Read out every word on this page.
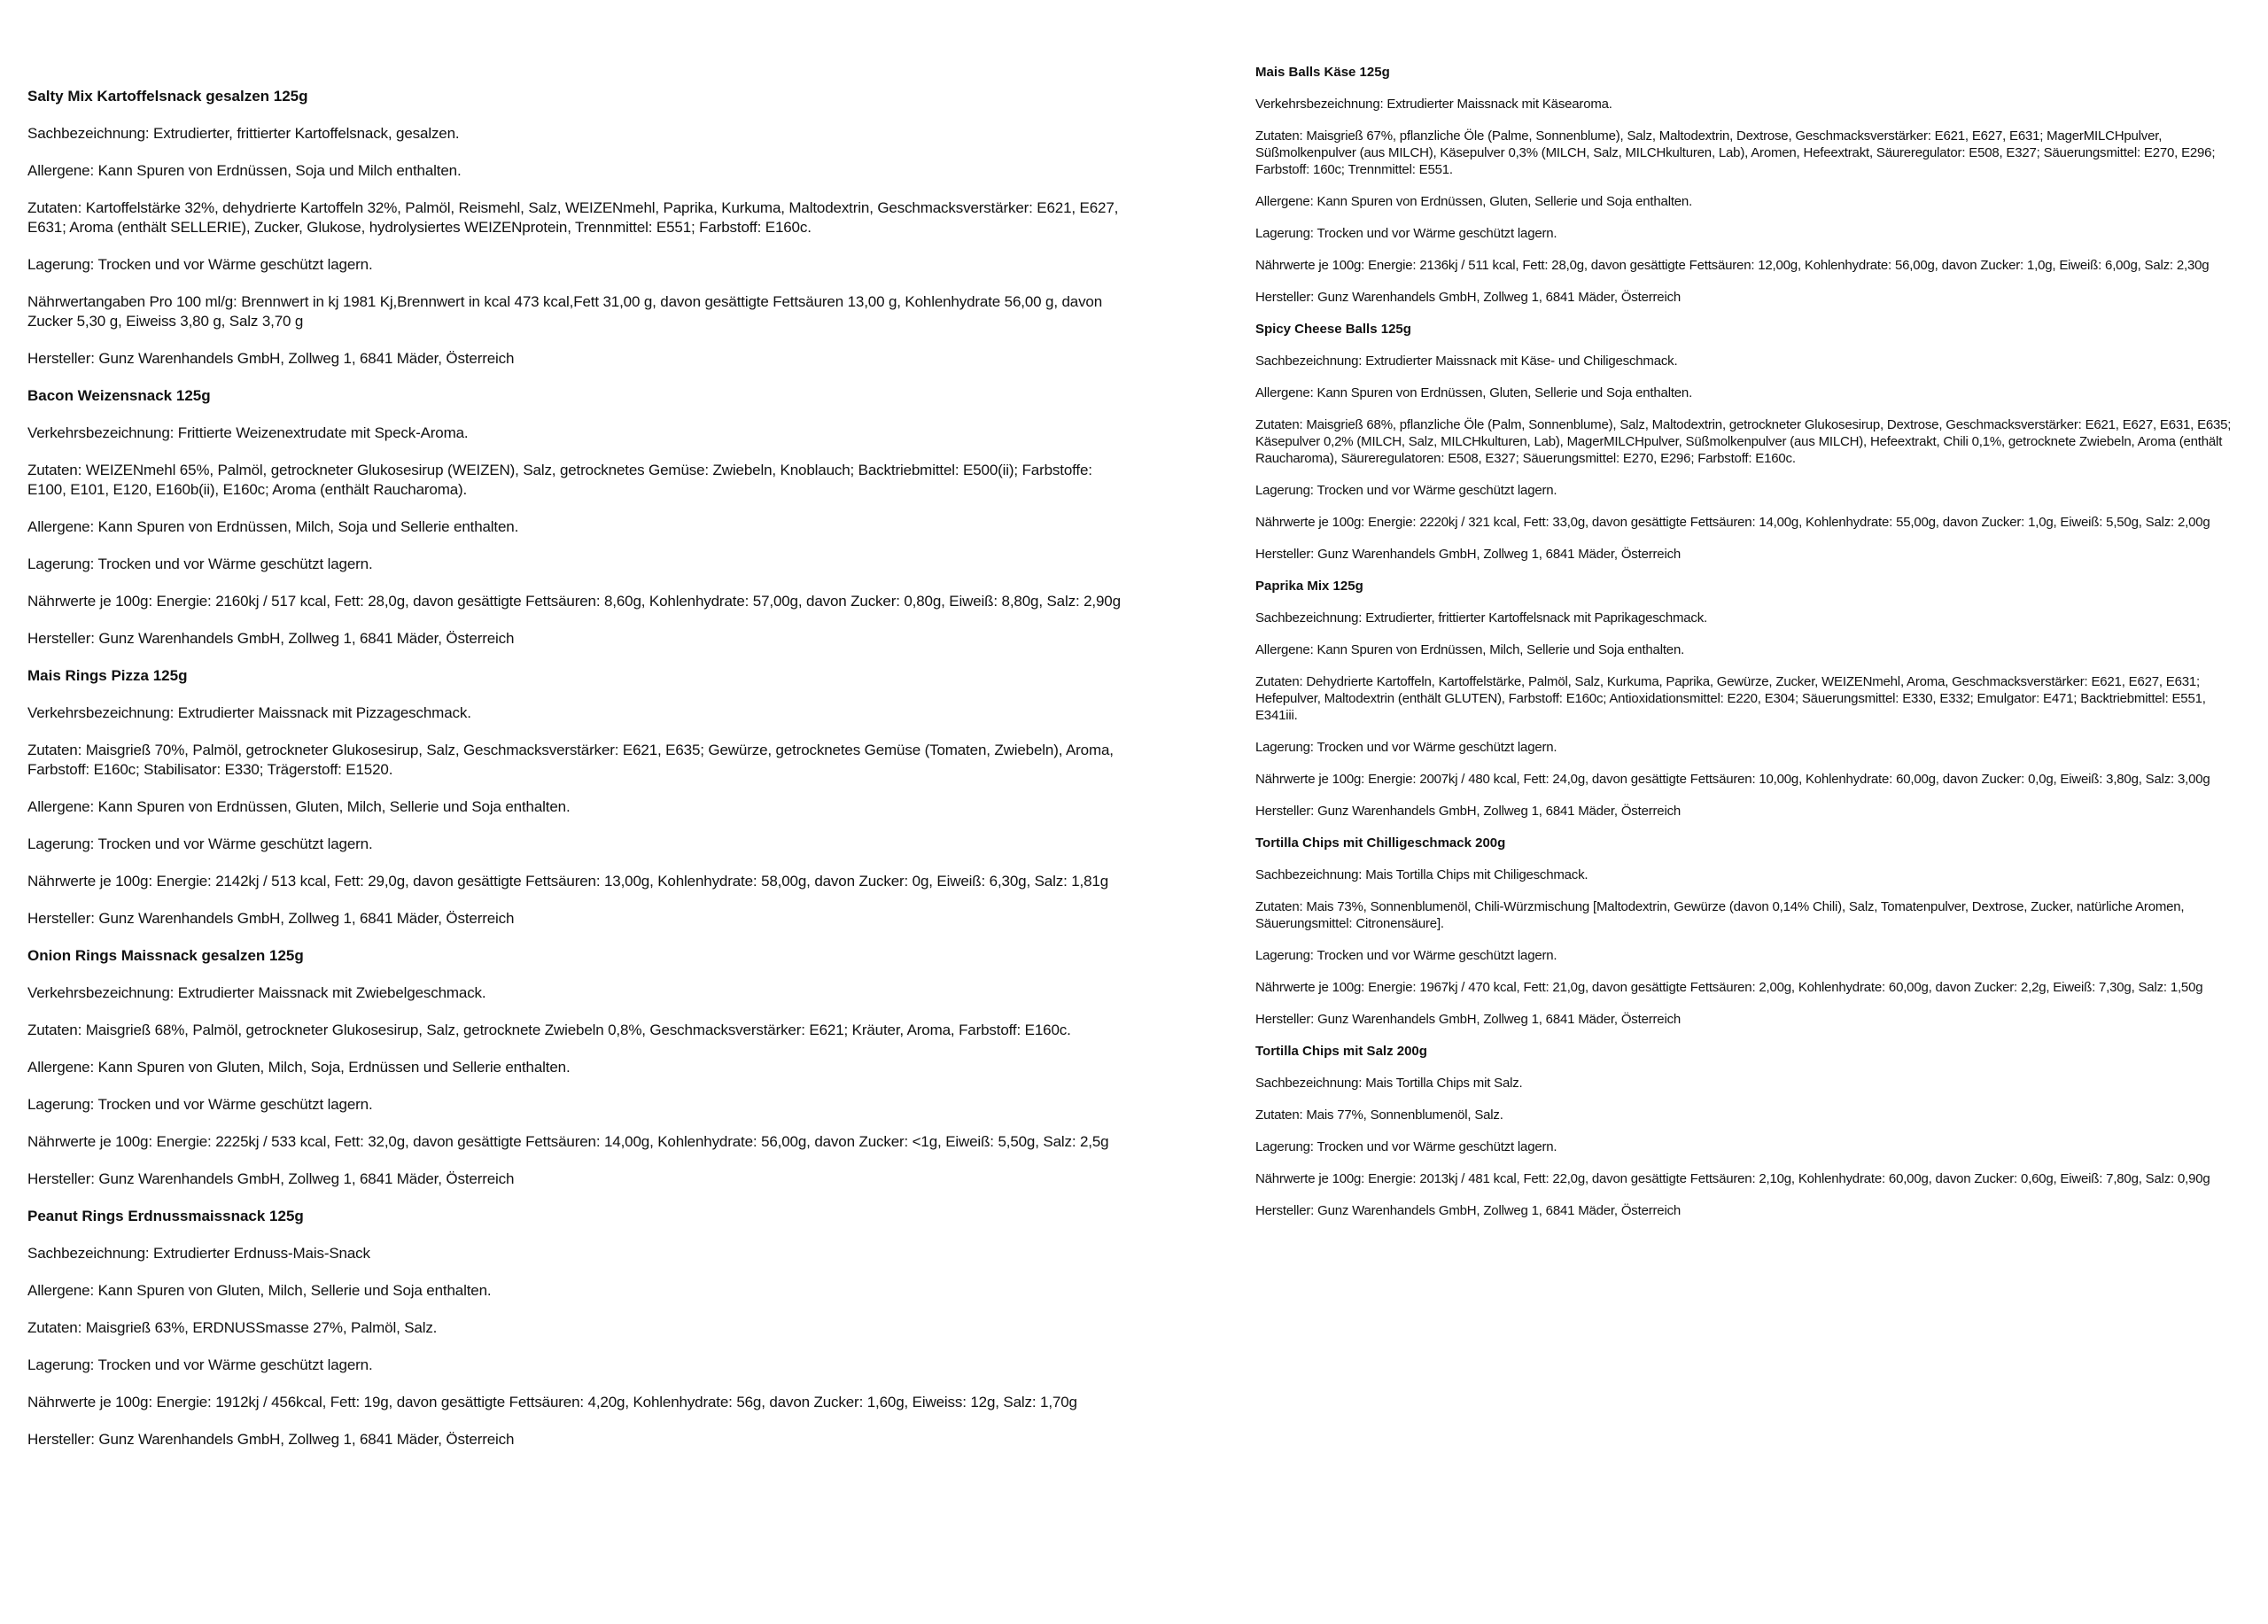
Salty Mix Kartoffelsnack gesalzen 125g

Sachbezeichnung: Extrudierter, frittierter Kartoffelsnack, gesalzen.

Allergene: Kann Spuren von Erdnüssen, Soja und Milch enthalten.

Zutaten: Kartoffelstärke 32%, dehydrierte Kartoffeln 32%, Palmöl, Reismehl, Salz, WEIZENmehl, Paprika, Kurkuma, Maltodextrin, Geschmacksverstärker: E621, E627, E631; Aroma (enthält SELLERIE), Zucker, Glukose, hydrolysiertes WEIZENprotein, Trennmittel: E551; Farbstoff: E160c.

Lagerung: Trocken und vor Wärme geschützt lagern.

Nährwertangaben Pro 100 ml/g: Brennwert in kj 1981 Kj,Brennwert in kcal 473 kcal,Fett 31,00 g, davon gesättigte Fettsäuren 13,00 g, Kohlenhydrate 56,00 g, davon Zucker 5,30 g, Eiweiss 3,80 g, Salz 3,70 g

Hersteller: Gunz Warenhandels GmbH, Zollweg 1, 6841 Mäder, Österreich

Bacon Weizensnack 125g

Verkehrsbezeichnung: Frittierte Weizenextrudate mit Speck-Aroma.

Zutaten: WEIZENmehl 65%, Palmöl, getrockneter Glukosesirup (WEIZEN), Salz, getrocknetes Gemüse: Zwiebeln, Knoblauch; Backtriebmittel: E500(ii); Farbstoffe: E100, E101, E120, E160b(ii), E160c; Aroma (enthält Raucharoma).

Allergene: Kann Spuren von Erdnüssen, Milch, Soja und Sellerie enthalten.

Lagerung: Trocken und vor Wärme geschützt lagern.

Nährwerte je 100g: Energie: 2160kj / 517 kcal, Fett: 28,0g, davon gesättigte Fettsäuren: 8,60g, Kohlenhydrate: 57,00g, davon Zucker: 0,80g, Eiweiß: 8,80g, Salz: 2,90g

Hersteller: Gunz Warenhandels GmbH, Zollweg 1, 6841 Mäder, Österreich

Mais Rings Pizza 125g

Verkehrsbezeichnung: Extrudierter Maissnack mit Pizzageschmack.

Zutaten: Maisgrieß 70%, Palmöl, getrockneter Glukosesirup, Salz, Geschmacksverstärker: E621, E635; Gewürze, getrocknetes Gemüse (Tomaten, Zwiebeln), Aroma, Farbstoff: E160c; Stabilisator: E330; Trägerstoff: E1520.

Allergene: Kann Spuren von Erdnüssen, Gluten, Milch, Sellerie und Soja enthalten.

Lagerung: Trocken und vor Wärme geschützt lagern.

Nährwerte je 100g: Energie: 2142kj / 513 kcal, Fett: 29,0g, davon gesättigte Fettsäuren: 13,00g, Kohlenhydrate: 58,00g, davon Zucker: 0g, Eiweiß: 6,30g, Salz: 1,81g

Hersteller: Gunz Warenhandels GmbH, Zollweg 1, 6841 Mäder, Österreich

Onion Rings Maissnack gesalzen 125g

Verkehrsbezeichnung: Extrudierter Maissnack mit Zwiebelgeschmack.

Zutaten: Maisgrieß 68%, Palmöl, getrockneter Glukosesirup, Salz, getrocknete Zwiebeln 0,8%, Geschmacksverstärker: E621; Kräuter, Aroma, Farbstoff: E160c.

Allergene: Kann Spuren von Gluten, Milch, Soja, Erdnüssen und Sellerie enthalten.

Lagerung: Trocken und vor Wärme geschützt lagern.

Nährwerte je 100g: Energie: 2225kj / 533 kcal, Fett: 32,0g, davon gesättigte Fettsäuren: 14,00g, Kohlenhydrate: 56,00g, davon Zucker: <1g, Eiweiß: 5,50g, Salz: 2,5g

Hersteller: Gunz Warenhandels GmbH, Zollweg 1, 6841 Mäder, Österreich

Peanut Rings Erdnussmaissnack 125g

Sachbezeichnung: Extrudierter Erdnuss-Mais-Snack

Allergene: Kann Spuren von Gluten, Milch, Sellerie und Soja enthalten.

Zutaten: Maisgrieß 63%, ERDNUSSmasse 27%, Palmöl, Salz.

Lagerung: Trocken und vor Wärme geschützt lagern.

Nährwerte je 100g: Energie: 1912kj / 456kcal, Fett: 19g, davon gesättigte Fettsäuren: 4,20g, Kohlenhydrate: 56g, davon Zucker: 1,60g, Eiweiss: 12g, Salz: 1,70g

Hersteller: Gunz Warenhandels GmbH, Zollweg 1, 6841 Mäder, Österreich

Mais Balls Käse 125g

Verkehrsbezeichnung: Extrudierter Maissnack mit Käsearoma.

Zutaten: Maisgrieß 67%, pflanzliche Öle (Palme, Sonnenblume), Salz, Maltodextrin, Dextrose, Geschmacksverstärker: E621, E627, E631; MagerMILCHpulver, Süßmolkenpulver (aus MILCH), Käsepulver 0,3% (MILCH, Salz, MILCHkulturen, Lab), Aromen, Hefeextrakt, Säureregulator: E508, E327; Säuerungsmittel: E270, E296; Farbstoff: 160c; Trennmittel: E551.

Allergene: Kann Spuren von Erdnüssen, Gluten, Sellerie und Soja enthalten.

Lagerung: Trocken und vor Wärme geschützt lagern.

Nährwerte je 100g: Energie: 2136kj / 511 kcal, Fett: 28,0g, davon gesättigte Fettsäuren: 12,00g, Kohlenhydrate: 56,00g, davon Zucker: 1,0g, Eiweiß: 6,00g, Salz: 2,30g

Hersteller: Gunz Warenhandels GmbH, Zollweg 1, 6841 Mäder, Österreich

Spicy Cheese Balls 125g

Sachbezeichnung: Extrudierter Maissnack mit Käse- und Chiligeschmack.

Allergene: Kann Spuren von Erdnüssen, Gluten, Sellerie und Soja enthalten.

Zutaten: Maisgrieß 68%, pflanzliche Öle (Palm, Sonnenblume), Salz, Maltodextrin, getrockneter Glukosesirup, Dextrose, Geschmacksverstärker: E621, E627, E631, E635; Käsepulver 0,2% (MILCH, Salz, MILCHkulturen, Lab), MagerMILCHpulver, Süßmolkenpulver (aus MILCH), Hefeextrakt, Chili 0,1%, getrocknete Zwiebeln, Aroma (enthält Raucharoma), Säureregulatoren: E508, E327; Säuerungsmittel: E270, E296; Farbstoff: E160c.

Lagerung: Trocken und vor Wärme geschützt lagern.

Nährwerte je 100g: Energie: 2220kj / 321 kcal, Fett: 33,0g, davon gesättigte Fettsäuren: 14,00g, Kohlenhydrate: 55,00g, davon Zucker: 1,0g, Eiweiß: 5,50g, Salz: 2,00g

Hersteller: Gunz Warenhandels GmbH, Zollweg 1, 6841 Mäder, Österreich

Paprika Mix 125g

Sachbezeichnung: Extrudierter, frittierter Kartoffelsnack mit Paprikageschmack.

Allergene: Kann Spuren von Erdnüssen, Milch, Sellerie und Soja enthalten.

Zutaten: Dehydrierte Kartoffeln, Kartoffelstärke, Palmöl, Salz, Kurkuma, Paprika, Gewürze, Zucker, WEIZENmehl, Aroma, Geschmacksverstärker: E621, E627, E631; Hefepulver, Maltodextrin (enthält GLUTEN), Farbstoff: E160c; Antioxidationsmittel: E220, E304; Säuerungsmittel: E330, E332; Emulgator: E471; Backtriebmittel: E551, E341iii.

Lagerung: Trocken und vor Wärme geschützt lagern.

Nährwerte je 100g: Energie: 2007kj / 480 kcal, Fett: 24,0g, davon gesättigte Fettsäuren: 10,00g, Kohlenhydrate: 60,00g, davon Zucker: 0,0g, Eiweiß: 3,80g, Salz: 3,00g

Hersteller: Gunz Warenhandels GmbH, Zollweg 1, 6841 Mäder, Österreich

Tortilla Chips mit Chilligeschmack 200g

Sachbezeichnung: Mais Tortilla Chips mit Chiligeschmack.

Zutaten: Mais 73%, Sonnenblumenöl, Chili-Würzmischung [Maltodextrin, Gewürze (davon 0,14% Chili), Salz, Tomatenpulver, Dextrose, Zucker, natürliche Aromen, Säuerungsmittel: Citronensäure].

Lagerung: Trocken und vor Wärme geschützt lagern.

Nährwerte je 100g: Energie: 1967kj / 470 kcal, Fett: 21,0g, davon gesättigte Fettsäuren: 2,00g, Kohlenhydrate: 60,00g, davon Zucker: 2,2g, Eiweiß: 7,30g, Salz: 1,50g

Hersteller: Gunz Warenhandels GmbH, Zollweg 1, 6841 Mäder, Österreich

Tortilla Chips mit Salz 200g

Sachbezeichnung: Mais Tortilla Chips mit Salz.

Zutaten: Mais 77%, Sonnenblumenöl, Salz.

Lagerung: Trocken und vor Wärme geschützt lagern.

Nährwerte je 100g: Energie: 2013kj / 481 kcal, Fett: 22,0g, davon gesättigte Fettsäuren: 2,10g, Kohlenhydrate: 60,00g, davon Zucker: 0,60g, Eiweiß: 7,80g, Salz: 0,90g

Hersteller: Gunz Warenhandels GmbH, Zollweg 1, 6841 Mäder, Österreich
